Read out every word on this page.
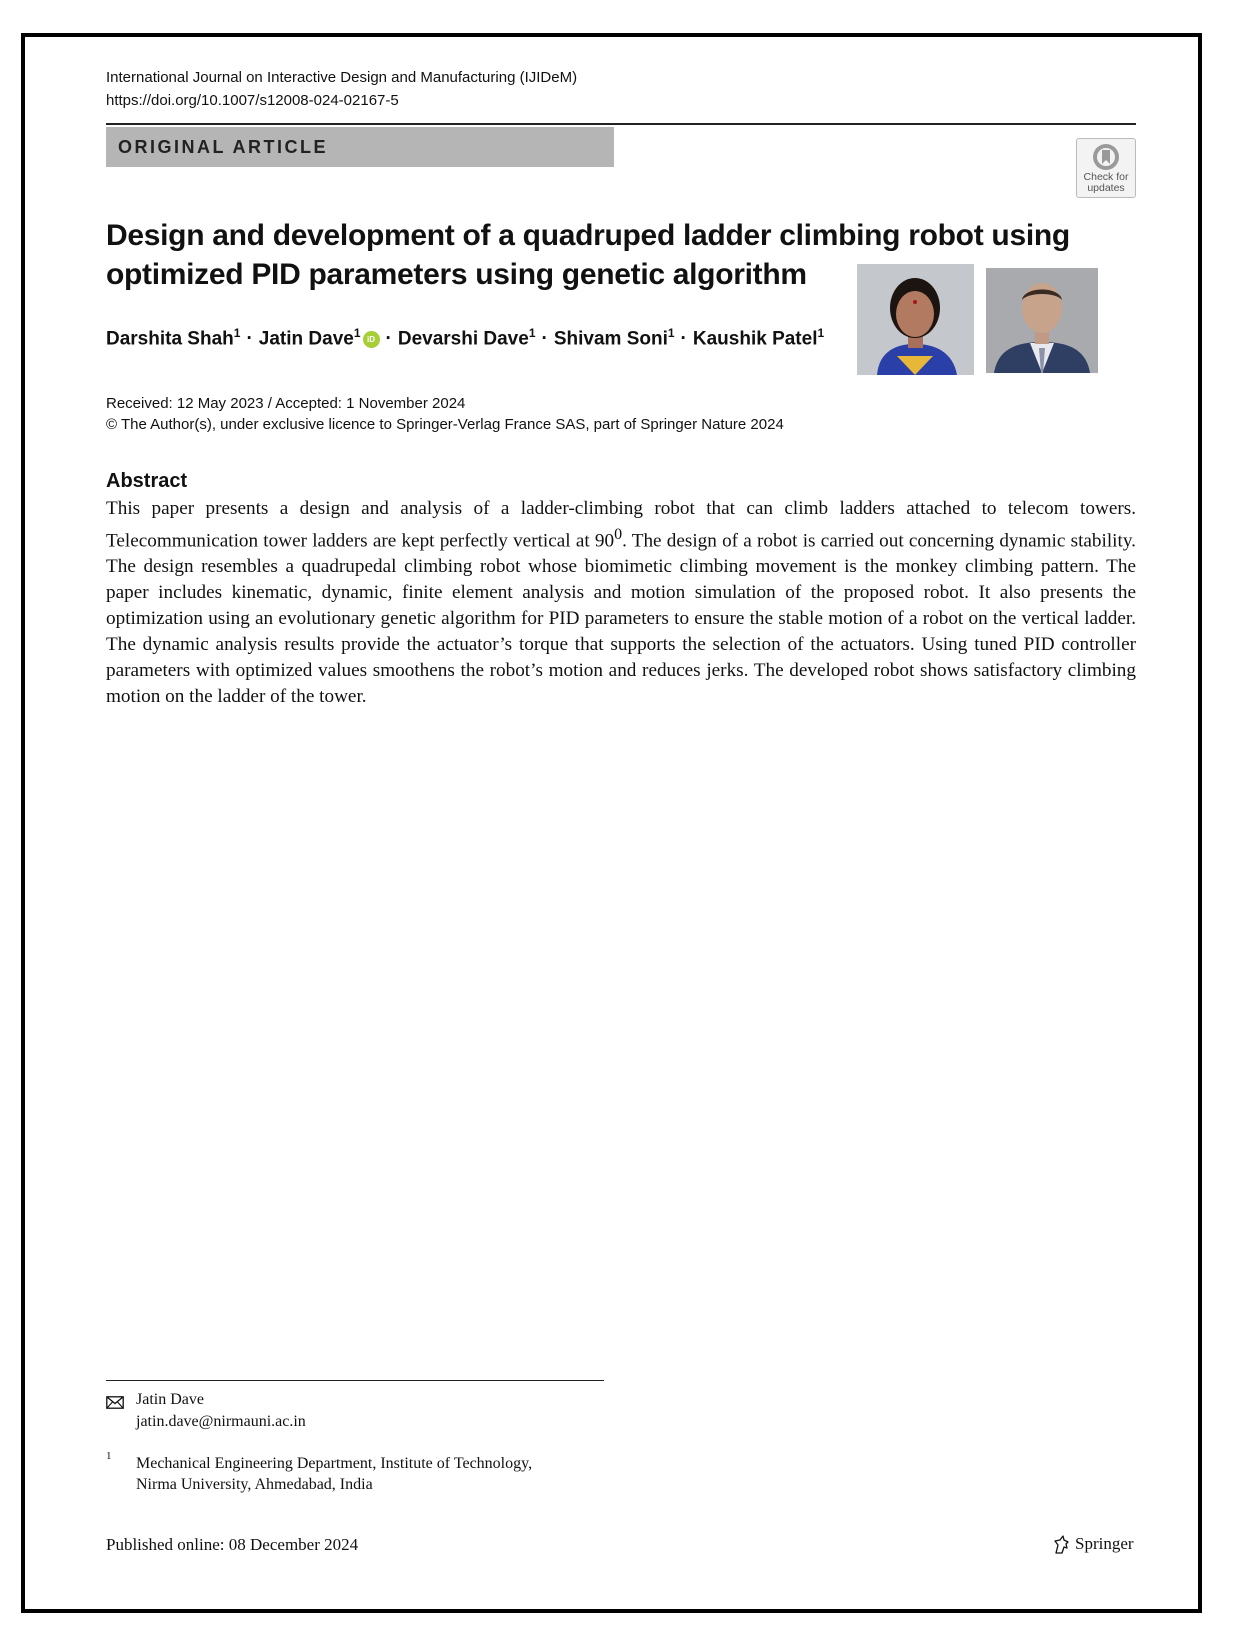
International Journal on Interactive Design and Manufacturing (IJIDeM)
https://doi.org/10.1007/s12008-024-02167-5
ORIGINAL ARTICLE
Check for
updates
Design and development of a quadruped ladder climbing robot using optimized PID parameters using genetic algorithm
Darshita Shah$^1$ · Jatin Dave$^1$ iD · Devarshi Dave$^1$ · Shivam Soni$^1$ · Kaushik Patel$^1$
Received: 12 May 2023 / Accepted: 1 November 2024
© The Author(s), under exclusive licence to Springer-Verlag France SAS, part of Springer Nature 2024
Abstract
This paper presents a design and analysis of a ladder-climbing robot that can climb ladders attached to telecom towers. Telecommunication tower ladders are kept perfectly vertical at $90^0$. The design of a robot is carried out concerning dynamic stability. The design resembles a quadrupedal climbing robot whose biomimetic climbing movement is the monkey climbing pattern. The paper includes kinematic, dynamic, finite element analysis and motion simulation of the proposed robot. It also presents the optimization using an evolutionary genetic algorithm for PID parameters to ensure the stable motion of a robot on the vertical ladder. The dynamic analysis results provide the actuator’s torque that supports the selection of the actuators. Using tuned PID controller parameters with optimized values smoothens the robot’s motion and reduces jerks. The developed robot shows satisfactory climbing motion on the ladder of the tower.
Jatin Dave
jatin.dave@nirmauni.ac.in
1 Mechanical Engineering Department, Institute of Technology,
Nirma University, Ahmedabad, India
Published online: 08 December 2024	Springer
